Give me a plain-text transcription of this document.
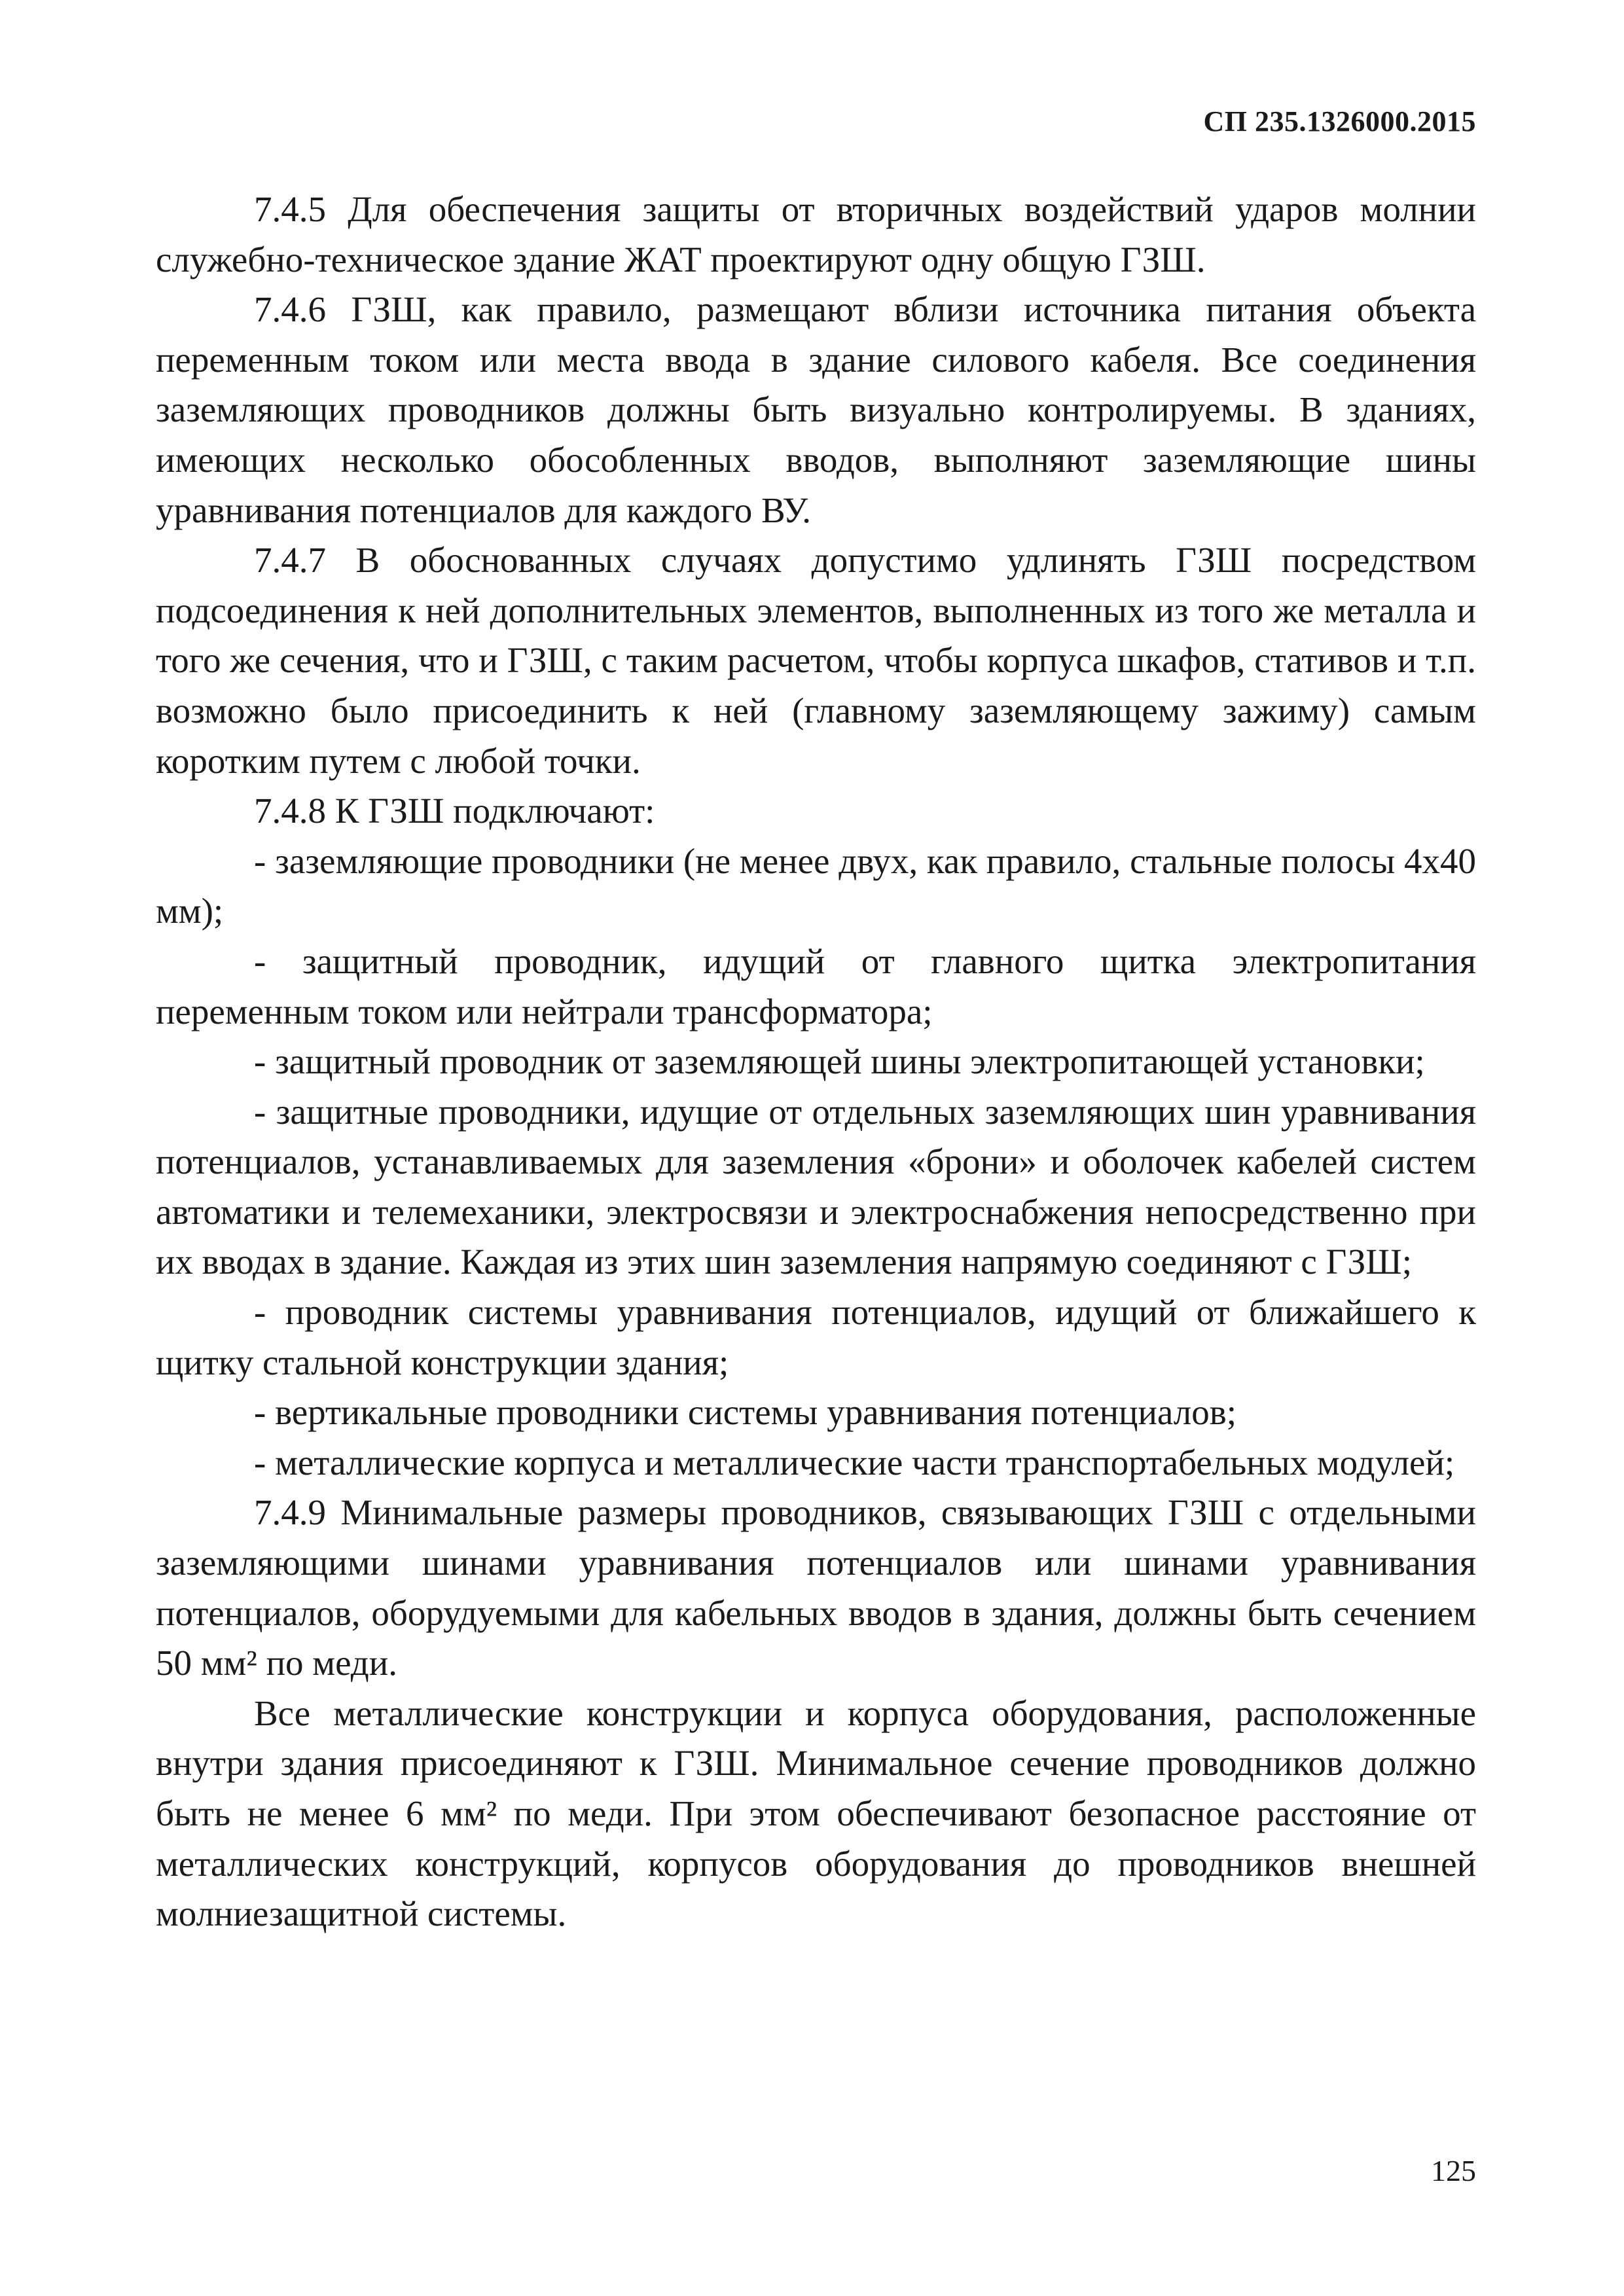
СП 235.1326000.2015

7.4.5 Для обеспечения защиты от вторичных воздействий ударов молнии служебно-техническое здание ЖАТ проектируют одну общую ГЗШ.

7.4.6 ГЗШ, как правило, размещают вблизи источника питания объекта переменным током или места ввода в здание силового кабеля. Все соединения заземляющих проводников должны быть визуально контролируемы. В зданиях, имеющих несколько обособленных вводов, выполняют заземляющие шины уравнивания потенциалов для каждого ВУ.

7.4.7 В обоснованных случаях допустимо удлинять ГЗШ посредством подсоединения к ней дополнительных элементов, выполненных из того же металла и того же сечения, что и ГЗШ, с таким расчетом, чтобы корпуса шкафов, стативов и т.п. возможно было присоединить к ней (главному заземляющему зажиму) самым коротким путем с любой точки.

7.4.8 К ГЗШ подключают:

- заземляющие проводники (не менее двух, как правило, стальные полосы 4х40 мм);

- защитный проводник, идущий от главного щитка электропитания переменным током или нейтрали трансформатора;

- защитный проводник от заземляющей шины электропитающей установки;

- защитные проводники, идущие от отдельных заземляющих шин уравнивания потенциалов, устанавливаемых для заземления «брони» и оболочек кабелей систем автоматики и телемеханики, электросвязи и электроснабжения непосредственно при их вводах в здание. Каждая из этих шин заземления напрямую соединяют с ГЗШ;

- проводник системы уравнивания потенциалов, идущий от ближайшего к щитку стальной конструкции здания;

- вертикальные проводники системы уравнивания потенциалов;

- металлические корпуса и металлические части транспортабельных модулей;

7.4.9 Минимальные размеры проводников, связывающих ГЗШ с отдельными заземляющими шинами уравнивания потенциалов или шинами уравнивания потенциалов, оборудуемыми для кабельных вводов в здания, должны быть сечением 50 мм² по меди.

Все металлические конструкции и корпуса оборудования, расположенные внутри здания присоединяют к ГЗШ. Минимальное сечение проводников должно быть не менее 6 мм² по меди. При этом обеспечивают безопасное расстояние от металлических конструкций, корпусов оборудования до проводников внешней молниезащитной системы.

125
